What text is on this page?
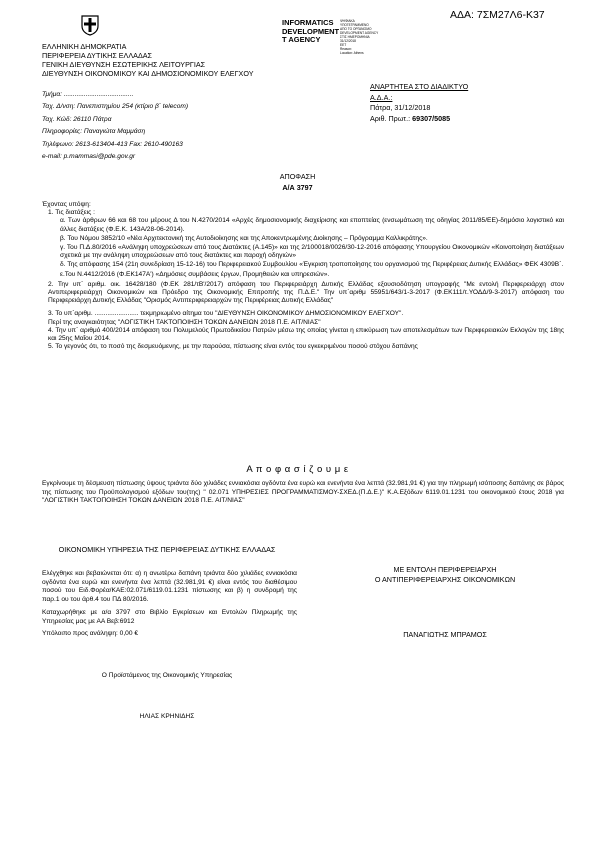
ΑΔΑ: 7ΣΜ27Λ6-Κ37
INFORMATICS
DEVELOPMENT
T AGENCY
ΨΗΦΙΑΚΑ ΥΠΟΓΕΓΡΑΜΜΕΝΟ
ΑΠΟ ΤΟ ΟΡΓΑΝΙΣΜΟ
DEVELOPMENT AGENCY
ΣΤΙΣ ΗΜΕΡΟΜΗΝΙΑ 31/12/2018
EET
Reason:
Location: Athens
ΕΛΛΗΝΙΚΗ ΔΗΜΟΚΡΑΤΙΑ
ΠΕΡΙΦΕΡΕΙΑ ΔΥΤΙΚΗΣ ΕΛΛΑΔΑΣ
ΓΕΝΙΚΗ ΔΙΕΥΘΥΝΣΗ ΕΣΩΤΕΡΙΚΗΣ ΛΕΙΤΟΥΡΓΙΑΣ
ΔΙΕΥΘΥΝΣΗ ΟΙΚΟΝΟΜΙΚΟΥ ΚΑΙ ΔΗΜΟΣΙΟΝΟΜΙΚΟΥ ΕΛΕΓΧΟΥ
Τμήμα: ......................................
Ταχ. Δ/νση: Πανεπιστημίου 254 (κτίριο β΄ telecom)
Ταχ. Κώδ: 26110 Πάτρα
Πληροφορίες: Παναγιώτα Μαμμάση
Τηλέφωνο: 2613-613404-413 Fax: 2610-490163
e-mail: p.mammasi@pde.gov.gr
ΑΝΑΡΤΗΤΕΑ ΣΤΟ ΔΙΑΔΙΚΤΥΟ
Α.Δ.Α.:
Πάτρα, 31/12/2018
Αριθ. Πρωτ.: 69307/5085
ΑΠΟΦΑΣΗ
Α/Α 3797

Έχοντας υπόψη:

1. Τις διατάξεις :

α. Των άρθρων 66 και 68 του μέρους Δ του Ν.4270/2014 «Αρχές δημοσιονομικής διαχείρισης και εποπτείας (ενσωμάτωση της οδηγίας 2011/85/ΕΕ)-δημόσιο λογιστικό και άλλες διατάξεις (Φ.Ε.Κ. 143Α/28-06-2014).

β. Του Νόμου 3852/10 «Νέα Αρχιτεκτονική της Αυτοδιοίκησης και της Αποκεντρωμένης Διοίκησης – Πρόγραμμα Καλλικράτης».

γ. Του Π.Δ.80/2016 «Ανάληψη υποχρεώσεων από τους Διατάκτες (Α.145)» και της 2/100018/0026/30-12-2016 απόφασης Υπουργείου Οικονομικών «Κοινοποίηση διατάξεων σχετικά με την ανάληψη υποχρεώσεων από τους διατάκτες και παροχή οδηγιών»

δ. Της απόφασης 154 (21η συνεδρίαση 15-12-16) του Περιφερειακού Συμβουλίου «Έγκριση τροποποίησης του οργανισμού της Περιφέρειας Δυτικής Ελλάδας» ΦΕΚ 4309Β΄.

ε.Του Ν.4412/2016 (Φ.ΕΚ147Α') «Δημόσιες συμβάσεις έργων, Προμηθειών και υπηρεσιών».

2. Την υπ΄ αριθμ. οικ. 16428/180 (Φ.ΕΚ 281/τΒ'/2017) απόφαση του Περιφερειάρχη Δυτικής Ελλάδας εξουσιοδότηση υπογραφής "Με εντολή Περιφερειάρχη στον Αντιπεριφερειάρχη Οικονομικών και Πρόεδρο της Οικονομικής Επιτροπής της Π.Δ.Ε." Την υπ΄αριθμ 55951/643/1-3-2017 (Φ.ΕΚ111/τ.ΥΟΔΔ/9-3-2017) απόφαση του Περιφερειάρχη Δυτικής Ελλάδας "Ορισμός Αντιπεριφερειαρχών της Περιφέρειας Δυτικής Ελλάδας"

3. Το υπ΄αριθμ. ........................ τεκμηριωμένο αίτημα του "ΔΙΕΥΘΥΝΣΗ ΟΙΚΟΝΟΜΙΚΟΥ ΔΗΜΟΣΙΟΝΟΜΙΚΟΥ ΕΛΕΓΧΟΥ".

Περί της αναγκαιότητας "ΛΟΓΙΣΤΙΚΗ ΤΑΚΤΟΠΟΙΗΣΗ ΤΟΚΩΝ ΔΑΝΕΙΩΝ 2018 Π.Ε. ΑΙΤ/ΝΙΑΣ"

4. Την υπ΄ αριθμό 400/2014 απόφαση του Πολυμελούς Πρωτοδικείου Πατρών μέσω της οποίας γίνεται η επικύρωση των αποτελεσμάτων των Περιφερειακών Εκλογών της 18ης και 25ης Μαΐου 2014.

5. Το γεγονός ότι, το ποσό της δεσμευόμενης, με την παρούσα, πίστωσης είναι εντός του εγκεκριμένου ποσού στόχου δαπάνης

Α π ο φ α σ ί ζ ο υ μ ε
Εγκρίνουμε τη δέσμευση πίστωσης ύψους τριάντα δύο χιλιάδες εννιακόσια ογδόντα ένα ευρώ και ενενήντα ένα λεπτά (32.981,91 €) για την πληρωμή ισόποσης δαπάνης σε βάρος της πίστωσης του Προϋπολογισμού εξόδων του(της) " 02.071 ΥΠΗΡΕΣΙΕΣ ΠΡΟΓΡΑΜΜΑΤΙΣΜΟΥ-ΣΧΕΔ.(Π.Δ.Ε.)" Κ.Α.Εξόδων 6119.01.1231 του οικονομικού έτους 2018 για "ΛΟΓΙΣΤΙΚΗ ΤΑΚΤΟΠΟΙΗΣΗ ΤΟΚΩΝ ΔΑΝΕΙΩΝ 2018 Π.Ε. ΑΙΤ/ΝΙΑΣ"
ΟΙΚΟΝΟΜΙΚΗ ΥΠΗΡΕΣΙΑ ΤΗΣ ΠΕΡΙΦΕΡΕΙΑΣ ΔΥΤΙΚΗΣ ΕΛΛΑΔΑΣ

Ελέγχθηκε και βεβαιώνεται ότι: α) η ανωτέρω δαπάνη τριάντα δύο χιλιάδες εννιακόσια ογδόντα ένα ευρώ και ενενήντα ένα λεπτά (32.981,91 €) είναι εντός του διαθέσιμου ποσού του Ειδ.Φορέα/ΚΑΕ:02.071/6119.01.1231 πίστωσης και β) η συνδρομή της παρ.1 ου του άρθ.4 του ΠΔ 80/2016.

Καταχωρήθηκε με α/α 3797 στο Βιβλίο Εγκρίσεων και Εντολών Πληρωμής της Υπηρεσίας μας με ΑΑ Βεβ:6912

Υπόλοιπο προς ανάληψη: 0,00 €

Ο Προϊστάμενος της Οικονομικής Υπηρεσίας
ΗΛΙΑΣ ΚΡΗΝΙΔΗΣ
ΜΕ ΕΝΤΟΛΗ ΠΕΡΙΦΕΡΕΙΑΡΧΗ
Ο ΑΝΤΙΠΕΡΙΦΕΡΕΙΑΡΧΗΣ ΟΙΚΟΝΟΜΙΚΩΝ
ΠΑΝΑΓΙΩΤΗΣ ΜΠΡΑΜΟΣ
